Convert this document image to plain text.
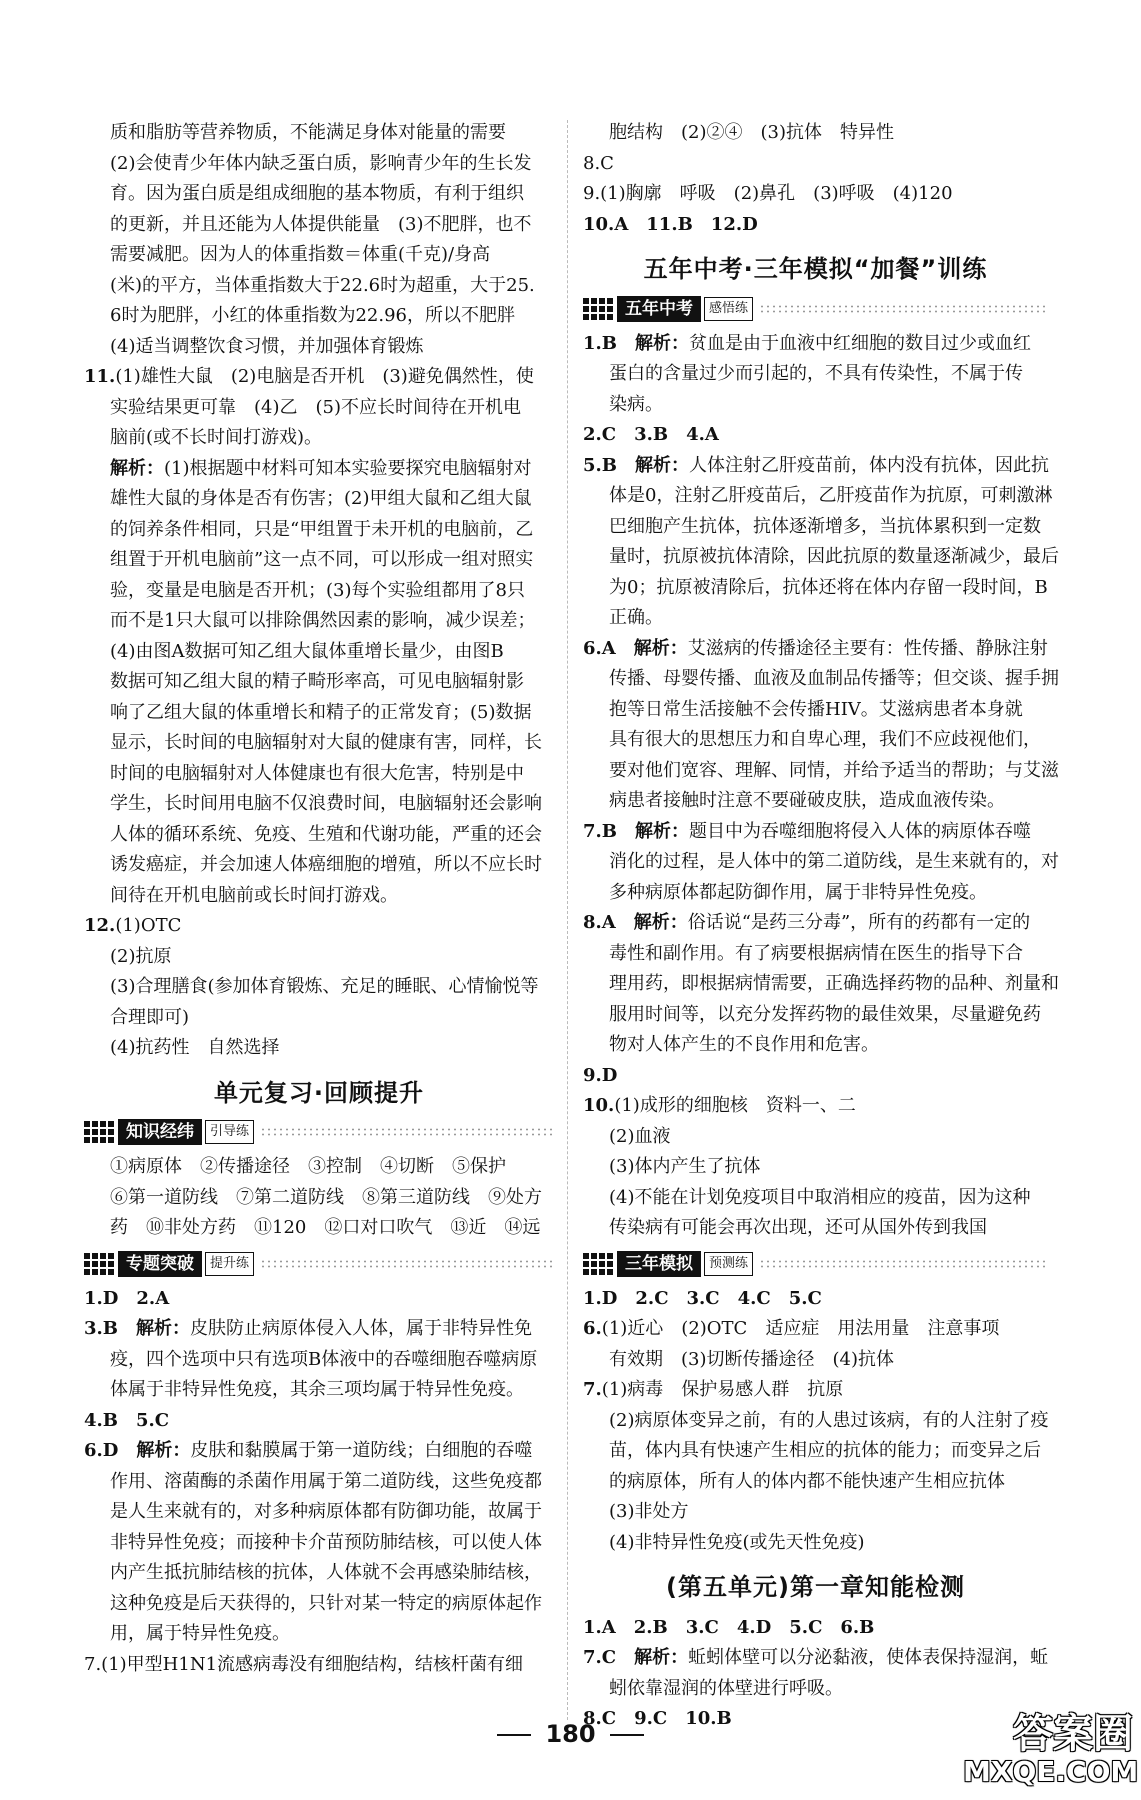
质和脂肪等营养物质，不能满足身体对能量的需要
(2)会使青少年体内缺乏蛋白质，影响青少年的生长发
育。因为蛋白质是组成细胞的基本物质，有利于组织
的更新，并且还能为人体提供能量　(3)不肥胖，也不
需要减肥。因为人的体重指数＝体重(千克)/身高
(米)的平方，当体重指数大于22.6时为超重，大于25.
6时为肥胖，小红的体重指数为22.96，所以不肥胖
(4)适当调整饮食习惯，并加强体育锻炼
11.(1)雄性大鼠　(2)电脑是否开机　(3)避免偶然性，使
实验结果更可靠　(4)乙　(5)不应长时间待在开机电
脑前(或不长时间打游戏)。
解析：(1)根据题中材料可知本实验要探究电脑辐射对
雄性大鼠的身体是否有伤害；(2)甲组大鼠和乙组大鼠
的饲养条件相同，只是“甲组置于未开机的电脑前，乙
组置于开机电脑前”这一点不同，可以形成一组对照实
验，变量是电脑是否开机；(3)每个实验组都用了8只
而不是1只大鼠可以排除偶然因素的影响，减少误差；
(4)由图A数据可知乙组大鼠体重增长量少，由图B
数据可知乙组大鼠的精子畸形率高，可见电脑辐射影
响了乙组大鼠的体重增长和精子的正常发育；(5)数据
显示，长时间的电脑辐射对大鼠的健康有害，同样，长
时间的电脑辐射对人体健康也有很大危害，特别是中
学生，长时间用电脑不仅浪费时间，电脑辐射还会影响
人体的循环系统、免疫、生殖和代谢功能，严重的还会
诱发癌症，并会加速人体癌细胞的增殖，所以不应长时
间待在开机电脑前或长时间打游戏。
12.(1)OTC
(2)抗原
(3)合理膳食(参加体育锻炼、充足的睡眠、心情愉悦等
合理即可)
(4)抗药性　自然选择
单元复习·回顾提升
知识经纬	引导练
①病原体　②传播途径　③控制　④切断　⑤保护
⑥第一道防线　⑦第二道防线　⑧第三道防线　⑨处方
药　⑩非处方药　⑪120　⑫口对口吹气　⑬近　⑭远
专题突破	提升练
1.D　2.A
3.B　解析：皮肤防止病原体侵入人体，属于非特异性免
疫，四个选项中只有选项B体液中的吞噬细胞吞噬病原
体属于非特异性免疫，其余三项均属于特异性免疫。
4.B　5.C
6.D　解析：皮肤和黏膜属于第一道防线；白细胞的吞噬
作用、溶菌酶的杀菌作用属于第二道防线，这些免疫都
是人生来就有的，对多种病原体都有防御功能，故属于
非特异性免疫；而接种卡介苗预防肺结核，可以使人体
内产生抵抗肺结核的抗体，人体就不会再感染肺结核，
这种免疫是后天获得的，只针对某一特定的病原体起作
用，属于特异性免疫。
7.(1)甲型H1N1流感病毒没有细胞结构，结核杆菌有细
胞结构　(2)②④　(3)抗体　特异性
8.C
9.(1)胸廓　呼吸　(2)鼻孔　(3)呼吸　(4)120
10.A　11.B　12.D
五年中考·三年模拟“加餐”训练
五年中考	感悟练
1.B　解析：贫血是由于血液中红细胞的数目过少或血红
蛋白的含量过少而引起的，不具有传染性，不属于传
染病。
2.C　3.B　4.A
5.B　解析：人体注射乙肝疫苗前，体内没有抗体，因此抗
体是0，注射乙肝疫苗后，乙肝疫苗作为抗原，可刺激淋
巴细胞产生抗体，抗体逐渐增多，当抗体累积到一定数
量时，抗原被抗体清除，因此抗原的数量逐渐减少，最后
为0；抗原被清除后，抗体还将在体内存留一段时间，B
正确。
6.A　解析：艾滋病的传播途径主要有：性传播、静脉注射
传播、母婴传播、血液及血制品传播等；但交谈、握手拥
抱等日常生活接触不会传播HIV。艾滋病患者本身就
具有很大的思想压力和自卑心理，我们不应歧视他们，
要对他们宽容、理解、同情，并给予适当的帮助；与艾滋
病患者接触时注意不要碰破皮肤，造成血液传染。
7.B　解析：题目中为吞噬细胞将侵入人体的病原体吞噬
消化的过程，是人体中的第二道防线，是生来就有的，对
多种病原体都起防御作用，属于非特异性免疫。
8.A　解析：俗话说“是药三分毒”，所有的药都有一定的
毒性和副作用。有了病要根据病情在医生的指导下合
理用药，即根据病情需要，正确选择药物的品种、剂量和
服用时间等，以充分发挥药物的最佳效果，尽量避免药
物对人体产生的不良作用和危害。
9.D
10.(1)成形的细胞核　资料一、二
(2)血液
(3)体内产生了抗体
(4)不能在计划免疫项目中取消相应的疫苗，因为这种
传染病有可能会再次出现，还可从国外传到我国
三年模拟	预测练
1.D　2.C　3.C　4.C　5.C
6.(1)近心　(2)OTC　适应症　用法用量　注意事项
有效期　(3)切断传播途径　(4)抗体
7.(1)病毒　保护易感人群　抗原
(2)病原体变异之前，有的人患过该病，有的人注射了疫
苗，体内具有快速产生相应的抗体的能力；而变异之后
的病原体，所有人的体内都不能快速产生相应抗体
(3)非处方
(4)非特异性免疫(或先天性免疫)
(第五单元)第一章知能检测
1.A　2.B　3.C　4.D　5.C　6.B
7.C　解析：蚯蚓体壁可以分泌黏液，使体表保持湿润，蚯
蚓依靠湿润的体壁进行呼吸。
8.C　9.C　10.B
180	答案圈
MXQE.COM
